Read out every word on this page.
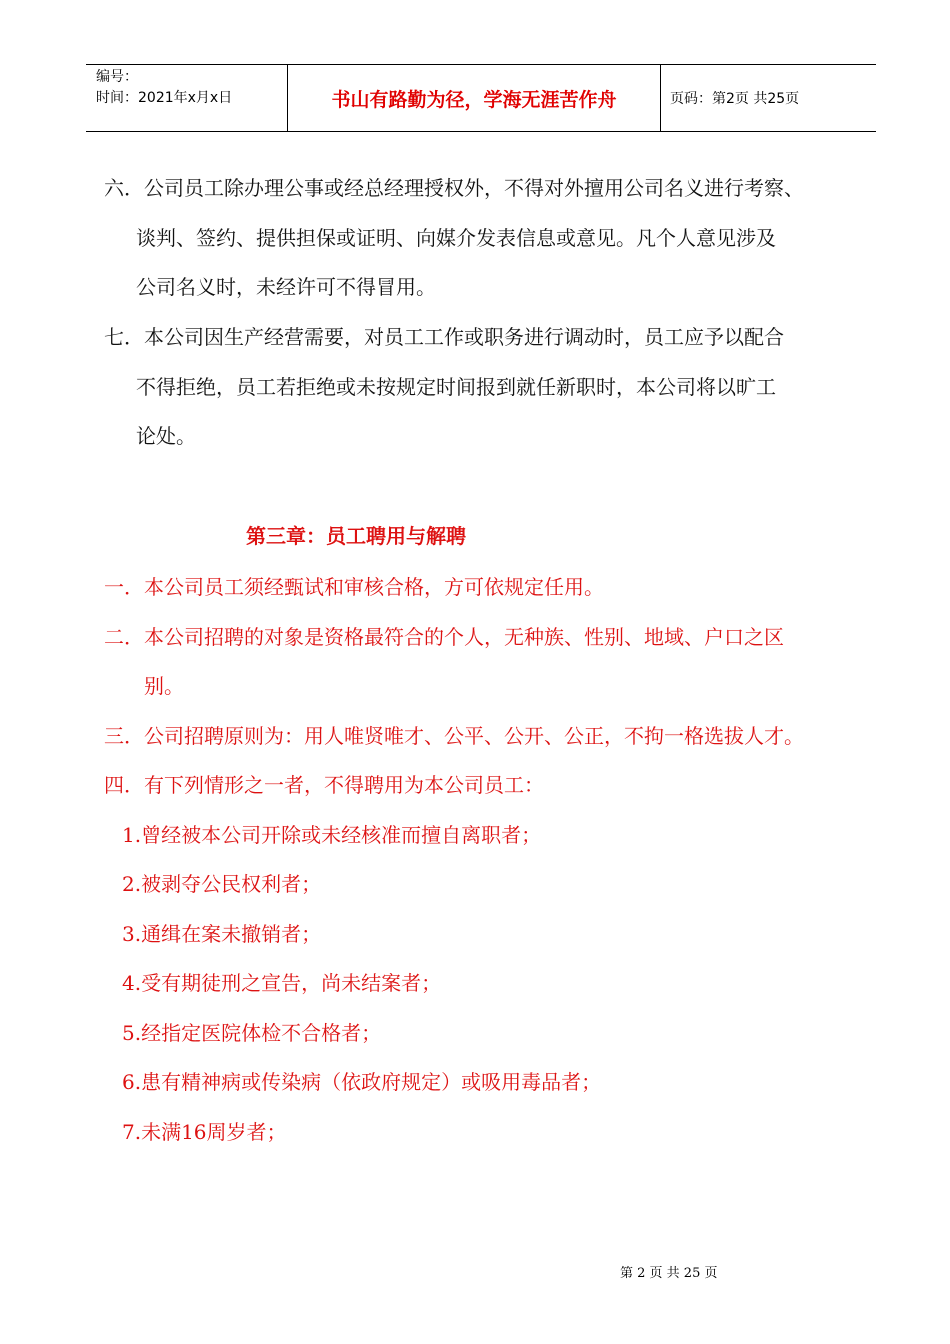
编号：
时间：2021年x月x日	书山有路勤为径，学海无涯苦作舟	页码：第2页 共25页
六．公司员工除办理公事或经总经理授权外，不得对外擅用公司名义进行考察、
谈判、签约、提供担保或证明、向媒介发表信息或意见。凡个人意见涉及
公司名义时，未经许可不得冒用。
七．本公司因生产经营需要，对员工工作或职务进行调动时，员工应予以配合
不得拒绝，员工若拒绝或未按规定时间报到就任新职时，本公司将以旷工
论处。
第三章：员工聘用与解聘
一．本公司员工须经甄试和审核合格，方可依规定任用。
二．本公司招聘的对象是资格最符合的个人，无种族、性别、地域、户口之区
别。
三．公司招聘原则为：用人唯贤唯才、公平、公开、公正，不拘一格选拔人才。
四．有下列情形之一者，不得聘用为本公司员工：
1.曾经被本公司开除或未经核准而擅自离职者；
2.被剥夺公民权利者；
3.通缉在案未撤销者；
4.受有期徒刑之宣告，尚未结案者；
5.经指定医院体检不合格者；
6.患有精神病或传染病（依政府规定）或吸用毒品者；
7.未满16周岁者；
第 2 页 共 25 页
